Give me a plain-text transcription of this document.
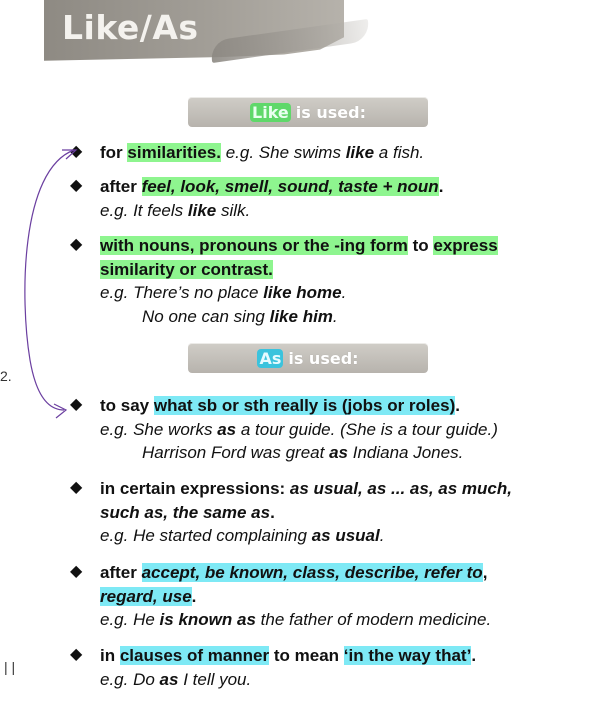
Like/As
Like is used:
◆ for similarities. e.g. She swims like a fish.
◆ after feel, look, smell, sound, taste + noun.
e.g. It feels like silk.
◆ with nouns, pronouns or the -ing form to express
similarity or contrast.
e.g. There’s no place like home.
No one can sing like him.
As is used:
◆ to say what sb or sth really is (jobs or roles).
e.g. She works as a tour guide. (She is a tour guide.)
Harrison Ford was great as Indiana Jones.
◆ in certain expressions: as usual, as ... as, as much,
such as, the same as.
e.g. He started complaining as usual.
◆ after accept, be known, class, describe, refer to,
regard, use.
e.g. He is known as the father of modern medicine.
◆ in clauses of manner to mean ‘in the way that’.
e.g. Do as I tell you.
2.
| |
